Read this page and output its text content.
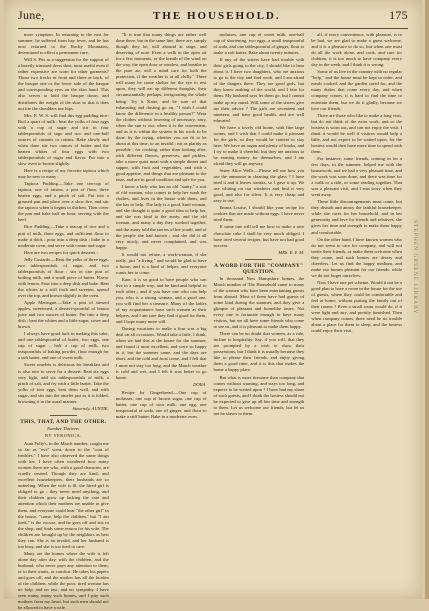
June,	THE HOUSEHOLD.	175

more symptom. In returning to the east for summer, he suffered from hay fever, and he has now returned to the Rocky Mountains, determined to effect a permanent cure.

Will S. Pits as a suggestion for the support of a heavily trimmed dress skirt, most useful even if rather expensive are worn for other garments? Those two frocks in front and three at back, of the basque one or the lower side of the basque and corresponding eyes on the skirt band. This also serves to hold the basque down, and distributes the weight of the skirt so that it does not tire the shoulders nor hips.

Mrs. E. W. S. will find this egg pudding nice: Boil a quart of milk ; beat the yolks of four eggs with a cup of sugar and stir in four tablespoonfuls of sago and two and one-half ounces of currants or raisins. Bake slowly and when done stir two ounces of butter and the beaten whites of four eggs with two tablespoonfuls of sugar and flavor. Put into a slow oven to brown slightly.

Here is a recipe of my favorite tapioca which may be new to many :

Tapioca Pudding.—Take one tea-cup of tapioca, one of raisins, a pint of flour, three beaten eggs, and a pinch of salt. Put into a greased pan and place over a slow fire, and stir the tapioca when it begins to thicken. Then cover the pan and bake half an hour, serving with the beef.

Rice Pudding.—Take a teacup of rice and a pint of milk, three eggs, and sufficient flour to make it thick ; pour into a deep dish ; bake in a moderate oven, and serve with cream and sugar.

Here are two recipes for quick desserts :

Jelly Custards.—Beat the yolks of three eggs, two tablespoonfuls of sugar, and two tablespoonfuls of flour ; stir in one pint of boiling milk, and a small piece of butter. Flavor with lemon. Pour into a deep dish and bake. Beat the whites to a stiff froth and sweeten, spread over the top, and brown slightly in the oven.

Apple Meringue.—Take a pint of stewed apples, sweetened, a dessert-spoonful of lemon juice and two ounces of butter. Put into a deep dish ; beat the whites and a little sugar, cover and brown.

I always have good luck in making this cake, and one tablespoonful of butter, two eggs, one cup of sugar ; half a cup of milk, two teaspoonfuls of baking powder, flour enough for a soft batter, and one of sweet milk.

Sweet omelets is delicious for breakfast and is also nice to serve for a dessert. Beat six eggs very light, add six tablespoonfuls of milk, a pinch of salt, and fry with a little butter. Take the yolks of four eggs, beat them well, and with sugar, and stir into the omelet just as it is folded, browning it in the usual manner.

Sincerely, AUNTIE.
THIS, THAT, AND THE OTHER.
Number Thirteen.
BY VERONICA.

Aunt Polly's, in the March number, caught me so far as "eve" went, down to the "coat of freckles." I have also observed the same things with her. I have often wondered how many women there are who, with a good character, are cruelly treated. Though they are kind, and excellent housekeepers, their husbands are so unfeeling. When the wife is ill, the hired girl is obliged to go ; they never need anything, and their children grow up lacking the care and attention which their mothers are unable to give them, and everyone could hear "the other girl" in the house, "come, help the children," but "I am tired," is the excuse, and he goes off and sits in the shop, and finds some reason for his wife. The children are brought up by the neighbors as best they can. She is an invalid, and her husband is too busy, and she is too tired to care.

Many are the homes where the wife is left alone day after day, with the children, and the husband, who never pays any attention to them, or to their wants, or comfort. He takes his papers and goes off, and the mother has all the burden of the children, while the poor, tired woman has no help, and no rest, and no sympathy. I have seen many, many such homes, and I pity such mothers from my heart, but such men should not be allowed to have a wife.

"It is true that many things are rather well done there, but in the same line, there are, simply though they be, will abound at stage, and deserving of note. Even a walk in the open air for a few moments, or the breath of the wind on the way, the open door or window, and breathe in the pure air, will a mind care for both the protection, if the weather is at all chilly." There will many be come shelter for the eye to rest upon, they will eat up different thoughts, their circumstantially perhaps; invigorating the whole being. Try it Katie, and be sure of that exhausting and dusting go on, "I wish I could know the difference in a healthy person?" Wear the clothes without lowering of necessary, easy, when the sun is out, when it is the convenient, and as it is within the system in his work to be done, by the trying, whether you are fit to be about at this time, or an invalid ; eat as plainly as possible ; for cooking, rather than looking after, with different flavors, preserves, and pickles, take a more quiet meal with a simple dinner and supper, with fruit and vegetables, and with a good appetite, and things that are pleasant to the taste, and are in good condition and safe for you.

I know a lady who has an old "aunty," a sort of old woman, who comes to help her wash the clothes, and lives in the house with them, and she has to help. The lady is a good, kind woman, and she thought it quite a good idea to help her, and she was kind to the aunty, and the old woman, and many a day they worked together, and the aunty told the stories of her youth, and of the people she had known ; and she did it all very nicely, and never complained, and was happy.

It would not refuse, a work-woman, if she really, just "a living," and would be glad to have a home, and is a kind of helper, and everyone wants her to come.

Kate, it is so good to have people who can live in a simple way, and be kind and helpful to each other ; and if you have one who can help you, who is a strong woman, and a good one, you will find her a treasure. Many of the ladies of my acquaintance have such women as their helpers, and I am sure they find it good for them, and I hope many more will.

During vacations to make a four was a big deal on all occasions. Would take a little, I think, when we had this at the house for the summer, and found it most excellent, and were so happy in it, but the summer came, and the days are short, and the cold and frost come, and I felt that I must not stay too long, and the March weather is cold and wet, and I felt it was better to go home.

DORA.

Recipe for Gingerbread.—One cup of molasses, one cup of brown sugar, one cup of butter, one cup of sour milk, one egg, one teaspoonful of soda, one of ginger, and flour to make a stiff batter. Bake in a moderate oven.

molasses, one cup of sweet milk, one-half cup of shortening, two eggs, a small teaspoonful of soda, and one tablespoonful of ginger, flour to make a soft batter. Bake about twenty minutes.

If any of the sisters have had trouble with their girls going to the city, I should like to hear about it. I have two daughters, who are anxious to go to the city and find work, and I am afraid of the dangers there. They are good girls, but they know nothing of the world, and I fear for them. My husband says let them go, but I cannot make up my mind. Will some of the sisters give me their advice ? The girls are seventeen and nineteen, and have good health, and are well educated.

We have a lovely old home, with fine large rooms, and I wish that I could make it pleasant for the girls, so they would be content to stay here. We have an organ and plenty of books, and I try to make it cheerful, but they are anxious to be earning money for themselves, and I am afraid they will go anyway.

Sister Alice Wells.—Please tell me how you use the ammonia in cleaning the glass ? I have tried it and it leaves streaks, so I gave it up. We use whiting on our windows and find it very good, and also for silver. It is very cheap and easy to use.

Emma Louise, I should like your recipe for cookies that are made without eggs. I have never tried them.

If some one will tell me how to make a nice chocolate cake I shall be very much obliged. I have tried several recipes, but have not had good success.

MRS. E. F. M.
A WORD FOR THE "COMPANY" QUESTION.

In thousand New Hampshire homes, the March number of The Household came to many of the women who have been entertaining guests from abroad. Most of them have had guests of some kind during the summer, and they give a glimpse of pleasant and homelike times. Not every one is fortunate enough to have many visitors, but we all have some friends who come to see us, and it is pleasant to make them happy.

There can be no doubt that women, as a rule, incline to hospitality. Say, if you will, that they are prompted by a wish to show their possessions, but I think it is usually because they like to please their friends, and enjoy giving them a good time, and it is this that makes the home a happy place.

But what is more tiresome than company that comes without warning, and stays too long, and expects to be waited upon ? I have had my share of such guests, and I think the hostess should not be expected to give up all her time and strength to them. Let us welcome our friends, but let us not be slaves to them.

all, if every convenience, with pleasure, is to be had, we are glad to make a guest welcome, and it is a pleasure to do so, but when one must do all the work alone, and cook, and care for children, it is too much to have company every day in the week, and I think it is wrong.

Some of us live in the country with no regular "help," and the house must be kept in order, and meals cooked, and the garden cared for, and the many duties that come every day, and when company comes, it is hard to find the time to entertain them, but we do it gladly, because we love our friends.

There are those who like to make a long visit, but do not think of the extra work, and so the hostess is worn out, and can not enjoy the visit. I think it would be well if visitors would help a little, and not expect to be waited upon, for the hostess would then have more time to spend with them.

For instance, some friends, coming in for a few days, in the summer, helped me with the housework, and we had a very pleasant time, and the work was soon done, and there was time for a walk or a ride, or some reading together. That was a pleasant visit, and I was sorry when they went away.

These little discouragements must come, but they disturb and annoy the faithful housekeeper, while she cares for her household, and in her generosity and love for friends and relatives, she gives her time and strength to make them happy and comfortable.

On the other hand, I have known women who do not seem to care for company, and will not invite their friends, or make them welcome when they come, and such homes are dreary and cheerless. Let us find the happy medium, and make our homes pleasant for our friends, while we do not forget ourselves.

Now I have one pet scheme. Would it not be a good plan to have a room in the house for the use of guests, where they could be comfortable and feel at home, without putting the family out of their rooms ? Even a small room would do, if it were light and airy, and prettily furnished. Then when company comes, there need be no trouble about a place for them to sleep, and the hostess could enjoy their visit.

STEPHEN GREENE LIBRARY
